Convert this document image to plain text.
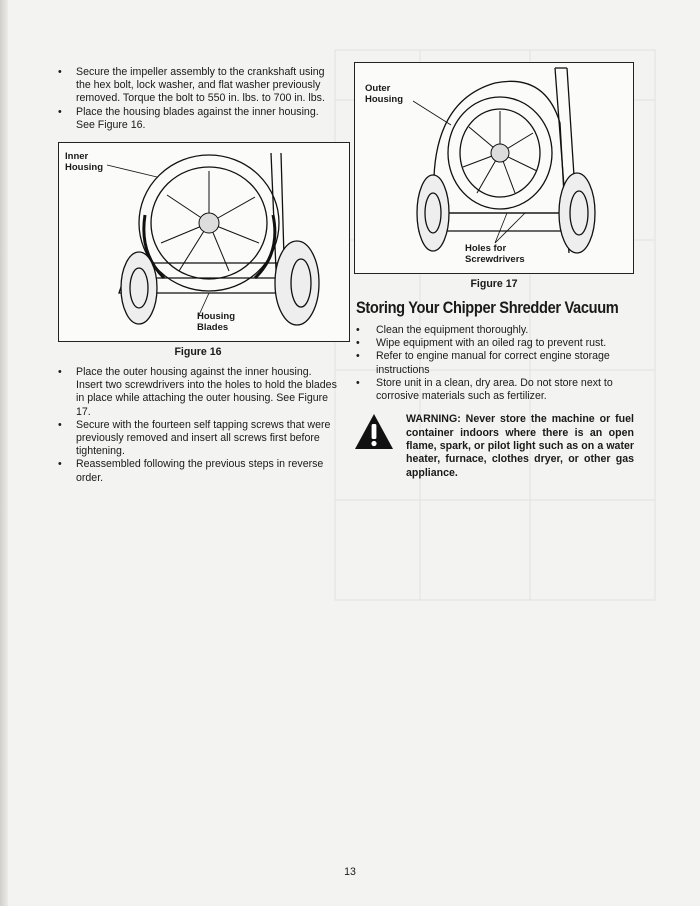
• Secure the impeller assembly to the crankshaft using the hex bolt, lock washer, and flat washer previously removed. Torque the bolt to 550 in. lbs. to 700 in. lbs.
• Place the housing blades against the inner housing. See Figure 16.
Inner
Housing
Housing
Blades
Figure 16
• Place the outer housing against the inner housing. Insert two screwdrivers into the holes to hold the blades in place while attaching the outer housing. See Figure 17.
• Secure with the fourteen self tapping screws that were previously removed and insert all screws first before tightening.
• Reassembled following the previous steps in reverse order.
Outer
Housing
Holes for
Screwdrivers
Figure 17
Storing Your Chipper Shredder Vacuum
• Clean the equipment thoroughly.
• Wipe equipment with an oiled rag to prevent rust.
• Refer to engine manual for correct engine storage instructions
• Store unit in a clean, dry area. Do not store next to corrosive materials such as fertilizer.
WARNING: Never store the machine or fuel container indoors where there is an open flame, spark, or pilot light such as on a water heater, furnace, clothes dryer, or other gas appliance.
13
